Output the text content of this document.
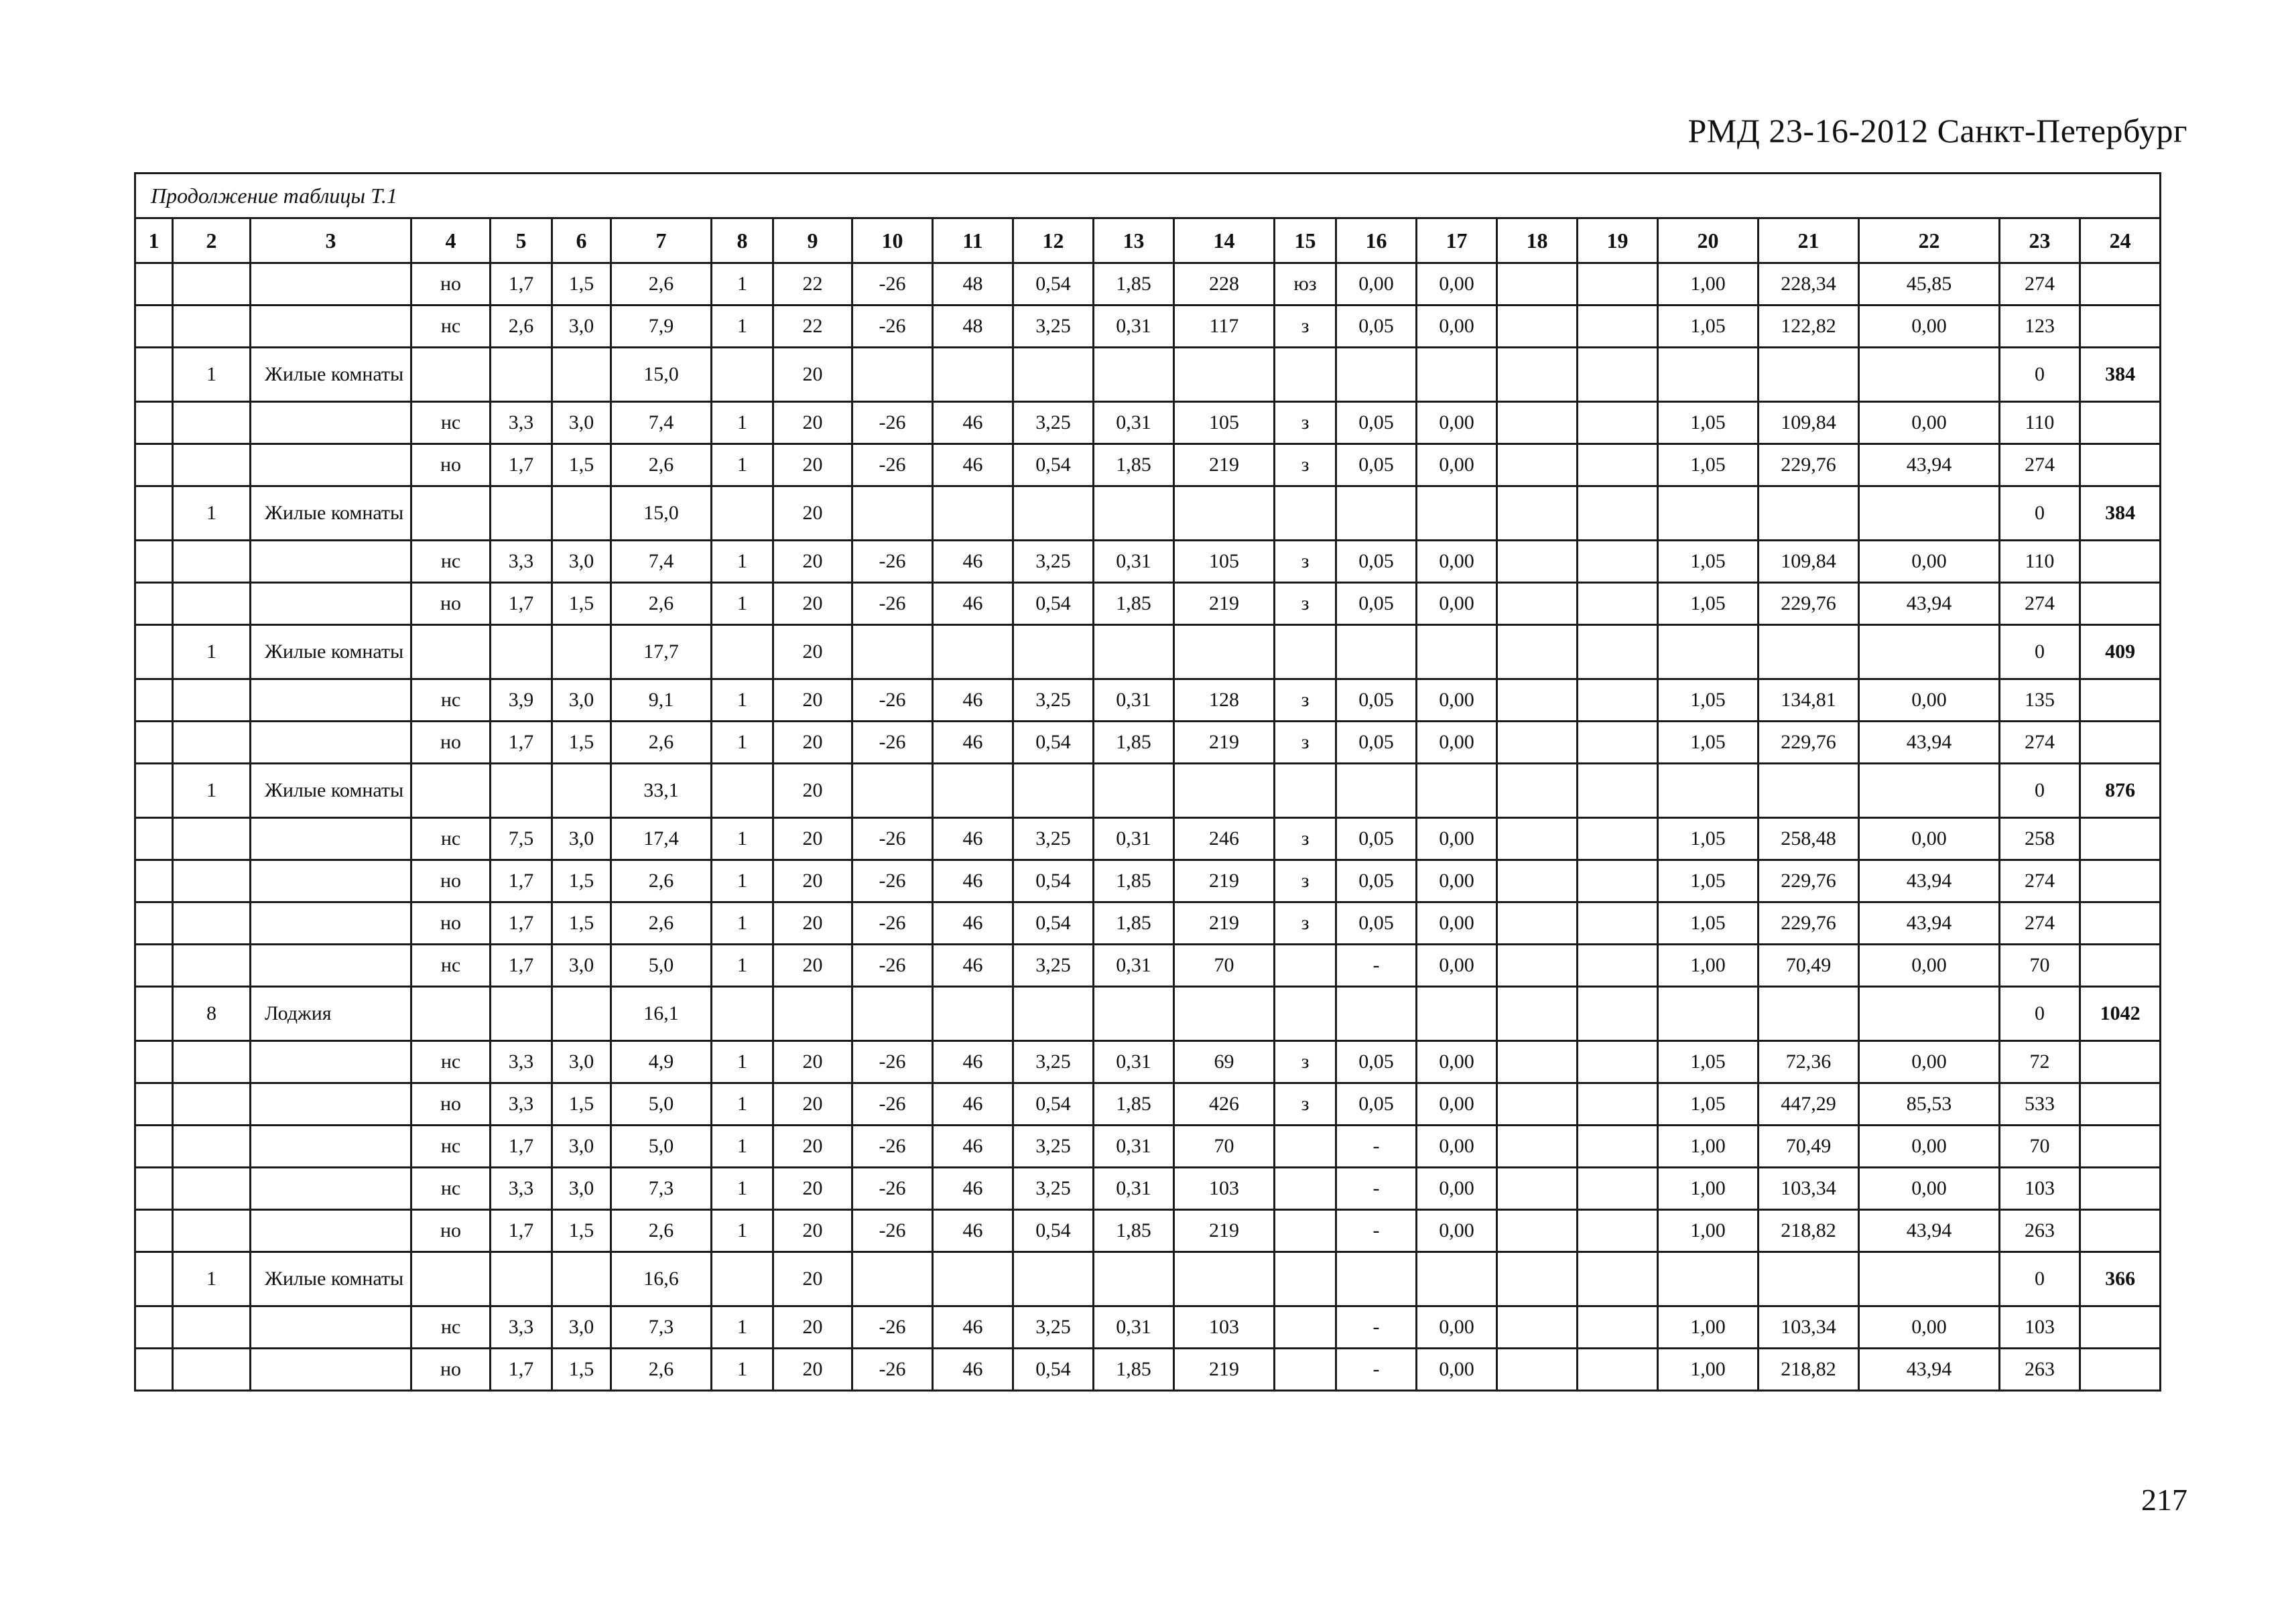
РМД 23-16-2012 Санкт-Петербург
Продолжение таблицы Т.1																							
1	2	3	4	5	6	7	8	9	10	11	12	13	14	15	16	17	18	19	20	21	22	23	24
			но	1,7	1,5	2,6	1	22	-26	48	0,54	1,85	228	юз	0,00	0,00			1,00	228,34	45,85	274	
			нс	2,6	3,0	7,9	1	22	-26	48	3,25	0,31	117	з	0,05	0,00			1,05	122,82	0,00	123	
	1	Жилые комнаты				15,0		20														0	384
			нс	3,3	3,0	7,4	1	20	-26	46	3,25	0,31	105	з	0,05	0,00			1,05	109,84	0,00	110	
			но	1,7	1,5	2,6	1	20	-26	46	0,54	1,85	219	з	0,05	0,00			1,05	229,76	43,94	274	
	1	Жилые комнаты				15,0		20														0	384
			нс	3,3	3,0	7,4	1	20	-26	46	3,25	0,31	105	з	0,05	0,00			1,05	109,84	0,00	110	
			но	1,7	1,5	2,6	1	20	-26	46	0,54	1,85	219	з	0,05	0,00			1,05	229,76	43,94	274	
	1	Жилые комнаты				17,7		20														0	409
			нс	3,9	3,0	9,1	1	20	-26	46	3,25	0,31	128	з	0,05	0,00			1,05	134,81	0,00	135	
			но	1,7	1,5	2,6	1	20	-26	46	0,54	1,85	219	з	0,05	0,00			1,05	229,76	43,94	274	
	1	Жилые комнаты				33,1		20														0	876
			нс	7,5	3,0	17,4	1	20	-26	46	3,25	0,31	246	з	0,05	0,00			1,05	258,48	0,00	258	
			но	1,7	1,5	2,6	1	20	-26	46	0,54	1,85	219	з	0,05	0,00			1,05	229,76	43,94	274	
			но	1,7	1,5	2,6	1	20	-26	46	0,54	1,85	219	з	0,05	0,00			1,05	229,76	43,94	274	
			нс	1,7	3,0	5,0	1	20	-26	46	3,25	0,31	70		-	0,00			1,00	70,49	0,00	70	
	8	Лоджия				16,1																0	1042
			нс	3,3	3,0	4,9	1	20	-26	46	3,25	0,31	69	з	0,05	0,00			1,05	72,36	0,00	72	
			но	3,3	1,5	5,0	1	20	-26	46	0,54	1,85	426	з	0,05	0,00			1,05	447,29	85,53	533	
			нс	1,7	3,0	5,0	1	20	-26	46	3,25	0,31	70		-	0,00			1,00	70,49	0,00	70	
			нс	3,3	3,0	7,3	1	20	-26	46	3,25	0,31	103		-	0,00			1,00	103,34	0,00	103	
			но	1,7	1,5	2,6	1	20	-26	46	0,54	1,85	219		-	0,00			1,00	218,82	43,94	263	
	1	Жилые комнаты				16,6		20														0	366
			нс	3,3	3,0	7,3	1	20	-26	46	3,25	0,31	103		-	0,00			1,00	103,34	0,00	103	
			но	1,7	1,5	2,6	1	20	-26	46	0,54	1,85	219		-	0,00			1,00	218,82	43,94	263	
217
